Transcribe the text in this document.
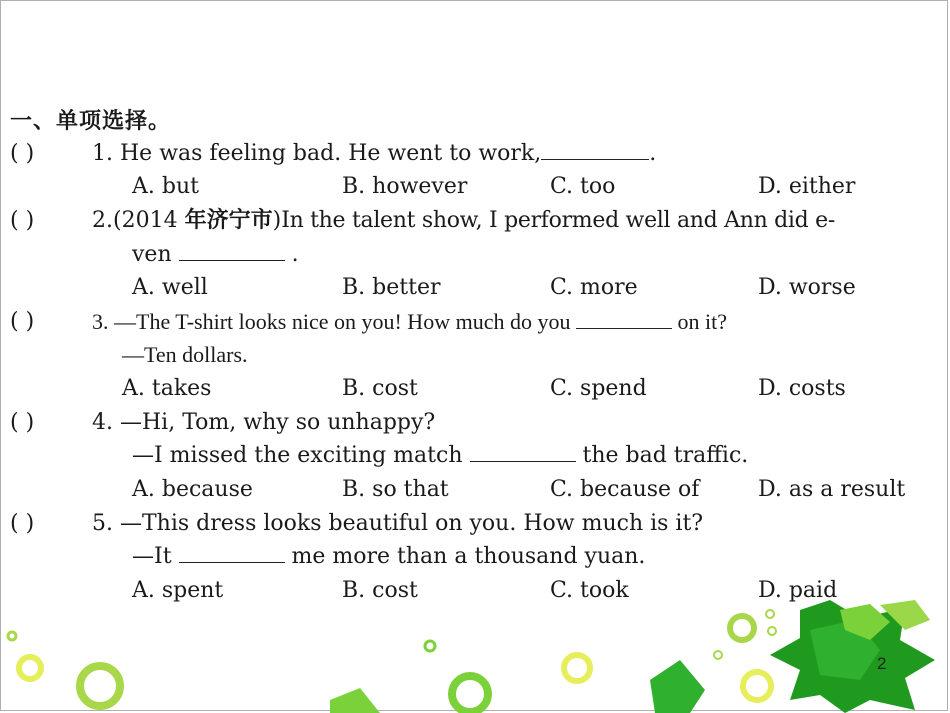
一、单项选择。
( )	1. He was feeling bad. He went to work,	.
A. but	B. however	C. too	D. either
( )	2.(2014 年济宁市)In the talent show, I performed well and Ann did e-
ven	.
A. well	B. better	C. more	D. worse
( )	3. —The T-shirt looks nice on you! How much do you	on it?
—Ten dollars.
A. takes	B. cost	C. spend	D. costs
( )	4. —Hi, Tom, why so unhappy?
—I missed the exciting match	the bad traffic.
A. because	B. so that	C. because of	D. as a result
( )	5. —This dress looks beautiful on you. How much is it?
—It	me more than a thousand yuan.
A. spent	B. cost	C. took	D. paid
2
